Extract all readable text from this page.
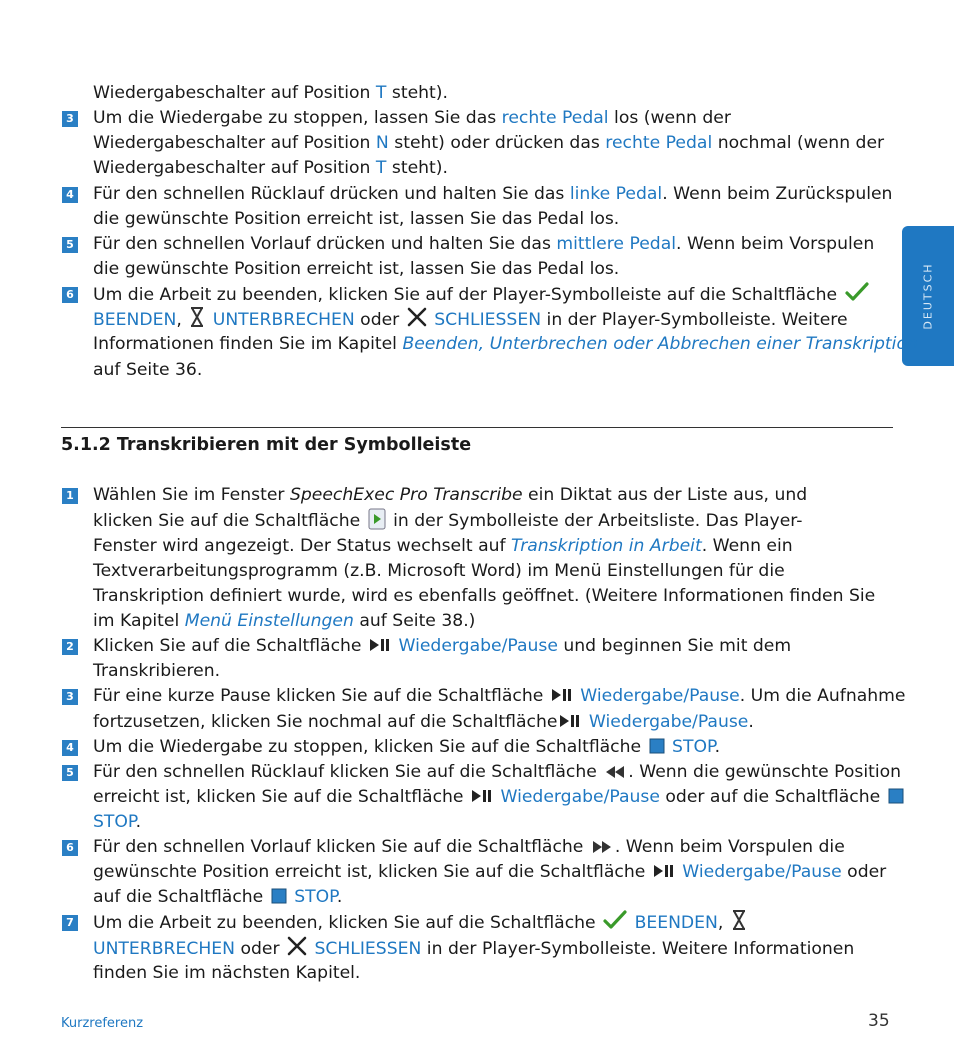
DEUTSCH
Wiedergabeschalter auf Position T steht).
Um die Wiedergabe zu stoppen, lassen Sie das rechte Pedal los (wenn der
Wiedergabeschalter auf Position N steht) oder drücken das rechte Pedal nochmal (wenn der
Wiedergabeschalter auf Position T steht).
Für den schnellen Rücklauf drücken und halten Sie das linke Pedal. Wenn beim Zurückspulen
die gewünschte Position erreicht ist, lassen Sie das Pedal los.
Für den schnellen Vorlauf drücken und halten Sie das mittlere Pedal. Wenn beim Vorspulen
die gewünschte Position erreicht ist, lassen Sie das Pedal los.
Um die Arbeit zu beenden, klicken Sie auf der Player-Symbolleiste auf die Schaltfläche
BEENDEN,  UNTERBRECHEN oder  SCHLIESSEN in der Player-Symbolleiste. Weitere
Informationen finden Sie im Kapitel Beenden, Unterbrechen oder Abbrechen einer Transkription
auf Seite 36.
3
4
5
6
5.1.2 Transkribieren mit der Symbolleiste
Wählen Sie im Fenster SpeechExec Pro Transcribe ein Diktat aus der Liste aus, und
klicken Sie auf die Schaltfläche  in der Symbolleiste der Arbeitsliste. Das Player-
Fenster wird angezeigt. Der Status wechselt auf Transkription in Arbeit. Wenn ein
Textverarbeitungsprogramm (z.B. Microsoft Word) im Menü Einstellungen für die
Transkription definiert wurde, wird es ebenfalls geöffnet. (Weitere Informationen finden Sie
im Kapitel Menü Einstellungen auf Seite 38.)
Klicken Sie auf die Schaltfläche Wiedergabe/Pause und beginnen Sie mit dem
Transkribieren.
Für eine kurze Pause klicken Sie auf die Schaltfläche Wiedergabe/Pause. Um die Aufnahme
fortzusetzen, klicken Sie nochmal auf die Schaltfläche Wiedergabe/Pause.
Um die Wiedergabe zu stoppen, klicken Sie auf die Schaltfläche STOP.
Für den schnellen Rücklauf klicken Sie auf die Schaltfläche . Wenn die gewünschte Position
erreicht ist, klicken Sie auf die Schaltfläche Wiedergabe/Pause oder auf die Schaltfläche
STOP.
Für den schnellen Vorlauf klicken Sie auf die Schaltfläche . Wenn beim Vorspulen die
gewünschte Position erreicht ist, klicken Sie auf die Schaltfläche Wiedergabe/Pause oder
auf die Schaltfläche STOP.
Um die Arbeit zu beenden, klicken Sie auf die Schaltfläche BEENDEN,
UNTERBRECHEN oder  SCHLIESSEN in der Player-Symbolleiste. Weitere Informationen
finden Sie im nächsten Kapitel.
1
2
3
4
5
6
7
Kurzreferenz	35
